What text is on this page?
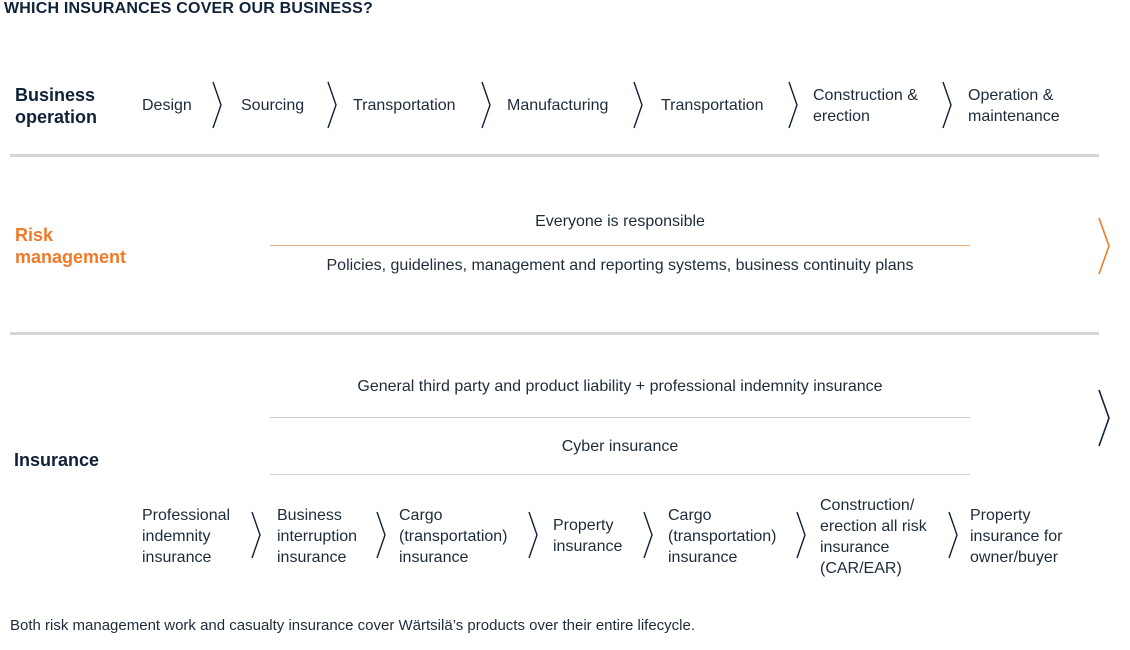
WHICH INSURANCES COVER OUR BUSINESS?
Business
operation
Design	Sourcing	Transportation	Manufacturing	Transportation
Construction &
erection
Operation &
maintenance
Risk
management
Everyone is responsible
Policies, guidelines, management and reporting systems, business continuity plans
Insurance
General third party and product liability + professional indemnity insurance
Cyber insurance
Professional
indemnity
insurance
Business
interruption
insurance
Cargo
(transportation)
insurance
Property
insurance
Cargo
(transportation)
insurance
Construction/
erection all risk
insurance
(CAR/EAR)
Property
insurance for
owner/buyer
Both risk management work and casualty insurance cover Wärtsilä’s products over their entire lifecycle.
